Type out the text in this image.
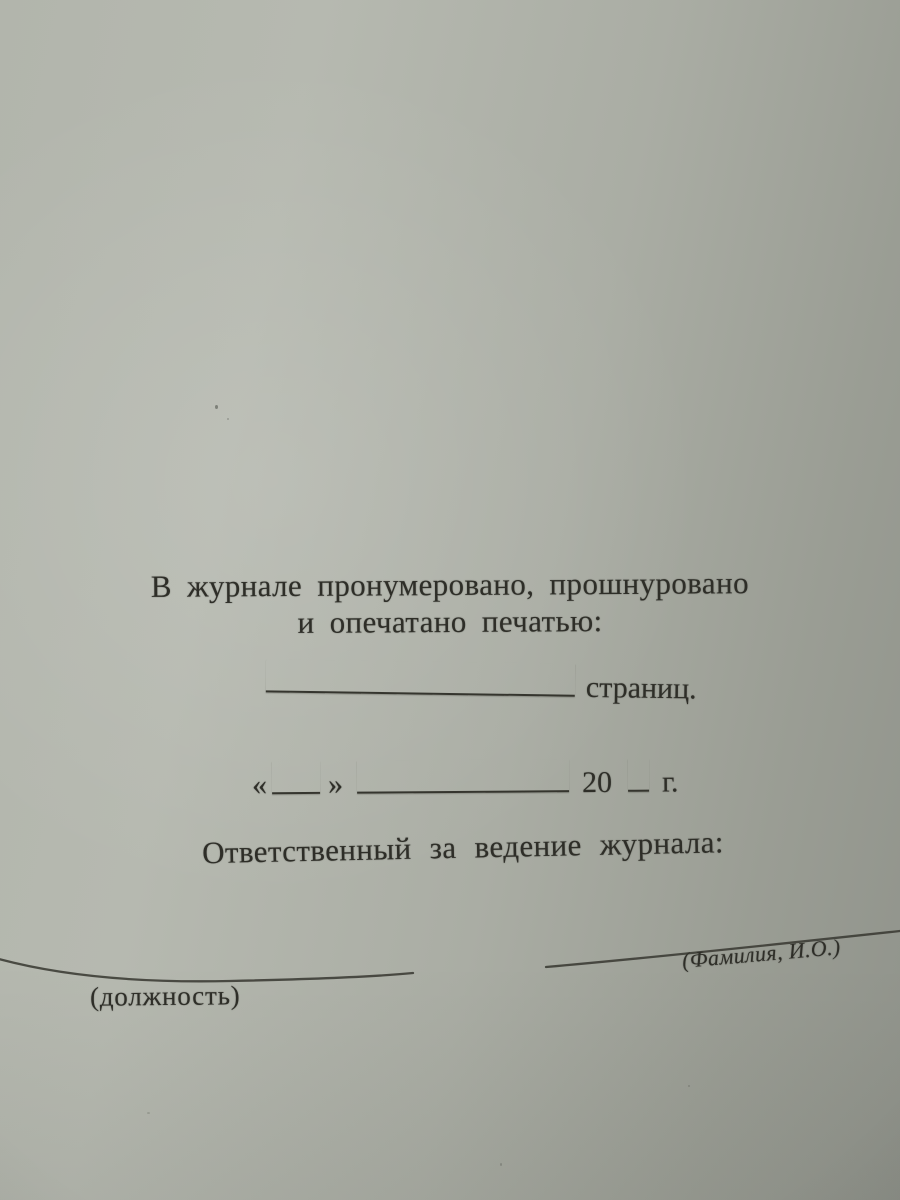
В журнале пронумеровано, прошнуровано
и опечатано печатью:
страниц.
« »	20 г.
Ответственный за ведение журнала:
(должность)
(Фамилия, И.О.)
